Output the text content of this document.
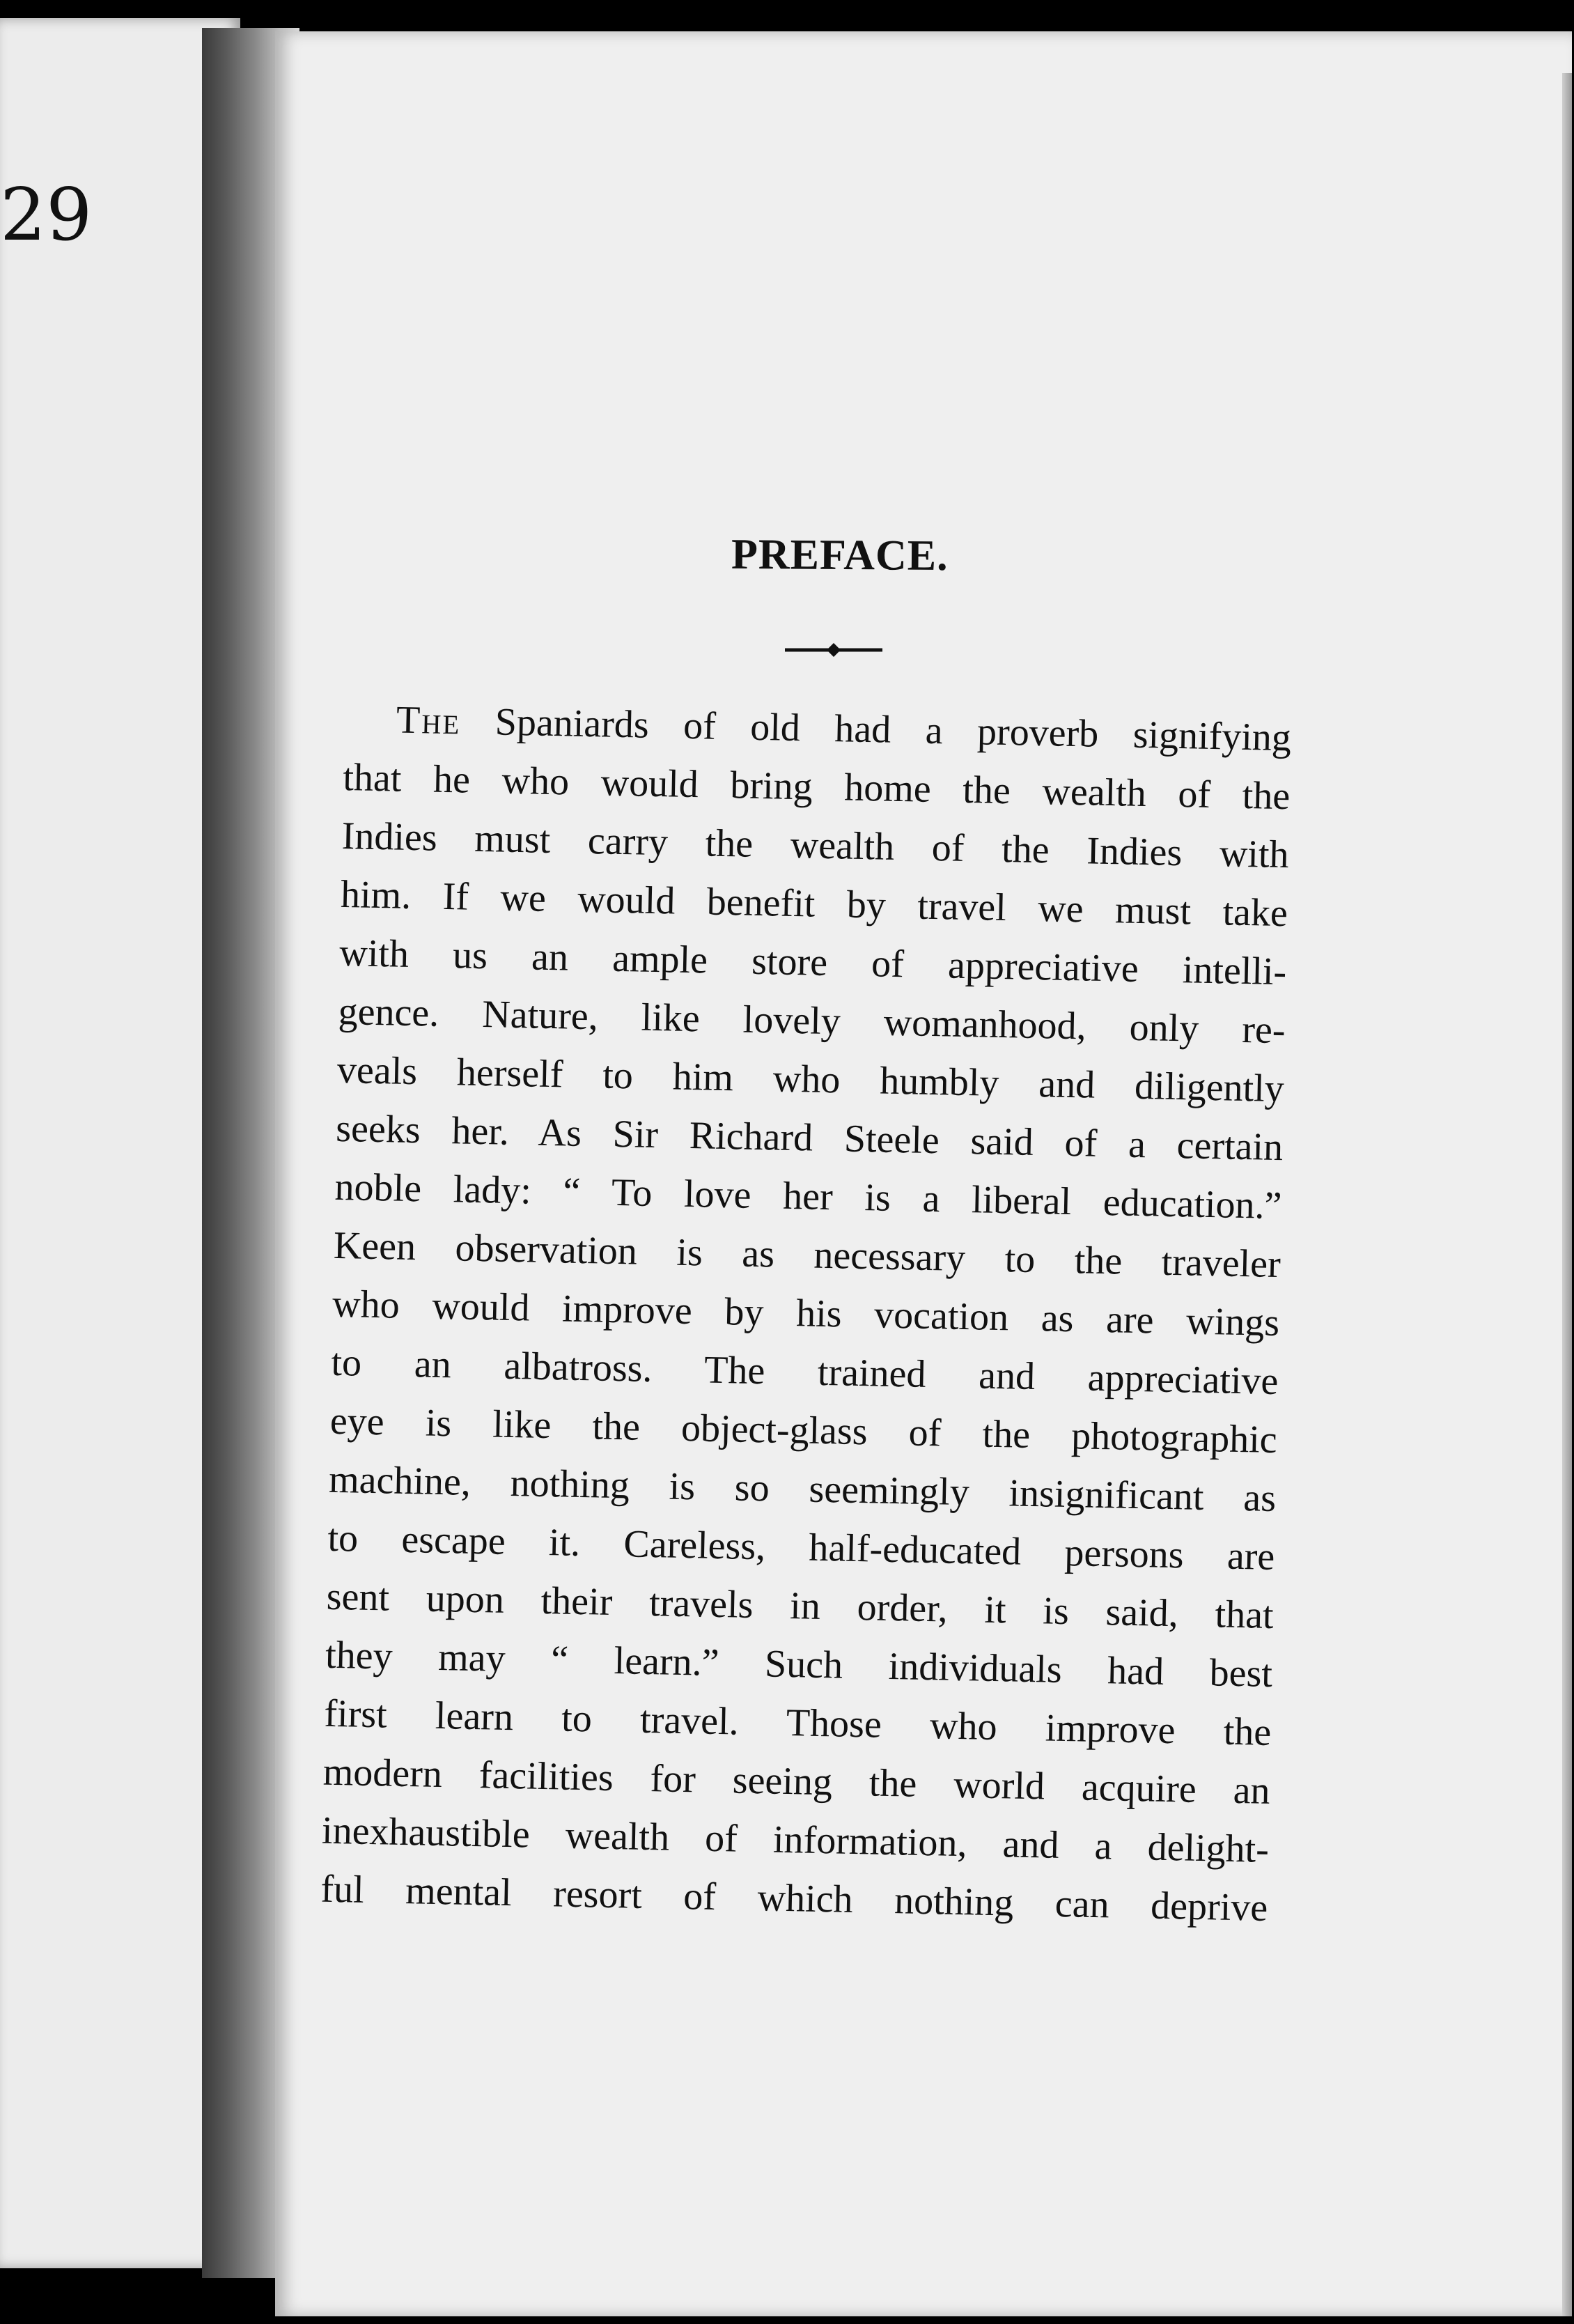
29
PREFACE.
The Spaniards of old had a proverb signifying
that he who would bring home the wealth of the
Indies must carry the wealth of the Indies with
him. If we would benefit by travel we must take
with us an ample store of appreciative intelli-
gence. Nature, like lovely womanhood, only re-
veals herself to him who humbly and diligently
seeks her. As Sir Richard Steele said of a certain
noble lady: “ To love her is a liberal education.”
Keen observation is as necessary to the traveler
who would improve by his vocation as are wings
to an albatross. The trained and appreciative
eye is like the object-glass of the photographic
machine, nothing is so seemingly insignificant as
to escape it. Careless, half-educated persons are
sent upon their travels in order, it is said, that
they may “ learn.” Such individuals had best
first learn to travel. Those who improve the
modern facilities for seeing the world acquire an
inexhaustible wealth of information, and a delight-
ful mental resort of which nothing can deprive
